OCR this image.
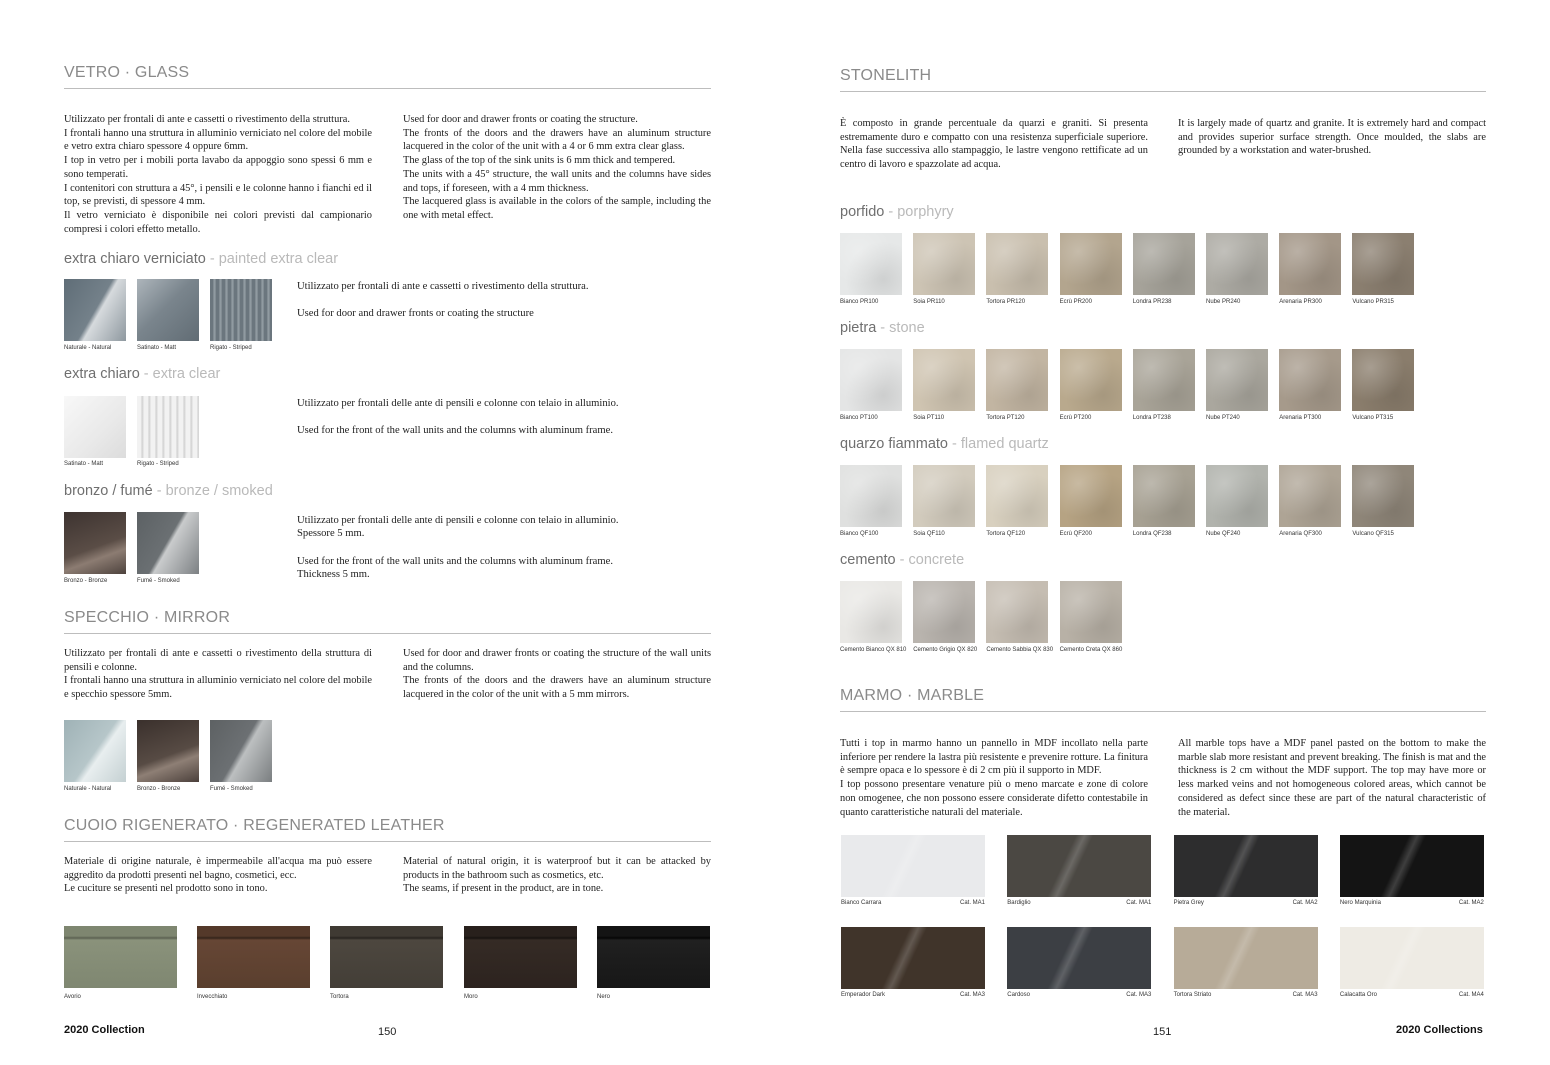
VETRO · GLASS
Utilizzato per frontali di ante e cassetti o rivestimento della struttura.
I frontali hanno una struttura in alluminio verniciato nel colore del mobile e vetro extra chiaro spessore 4 oppure 6mm.
I top in vetro per i mobili porta lavabo da appoggio sono spessi 6 mm e sono temperati.
I contenitori con struttura a 45°, i pensili e le colonne hanno i fianchi ed il top, se previsti, di spessore 4 mm.
Il vetro verniciato è disponibile nei colori previsti dal campionario compresi i colori effetto metallo.
Used for door and drawer fronts or coating the structure.
The fronts of the doors and the drawers have an aluminum structure lacquered in the color of the unit with a 4 or 6 mm extra clear glass.
The glass of the top of the sink units is 6 mm thick and tempered.
The units with a 45° structure, the wall units and the columns have sides and tops, if foreseen, with a 4 mm thickness.
The lacquered glass is available in the colors of the sample, including the one with metal effect.
extra chiaro verniciato - painted extra clear
Naturale - Natural	Satinato - Matt	Rigato - Striped
Utilizzato per frontali di ante e cassetti o rivestimento della struttura.
Used for door and drawer fronts or coating the structure
extra chiaro - extra clear
Satinato - Matt	Rigato - Striped
Utilizzato per frontali delle ante di pensili e colonne con telaio in alluminio.
Used for the front of the wall units and the columns with aluminum frame.
bronzo / fumé - bronze / smoked
Bronzo - Bronze	Fumé - Smoked
Utilizzato per frontali delle ante di pensili e colonne con telaio in alluminio.
Spessore 5 mm.
Used for the front of the wall units and the columns with aluminum frame.
Thickness 5 mm.
SPECCHIO · MIRROR
Utilizzato per frontali di ante e cassetti o rivestimento della struttura di pensili e colonne.
I frontali hanno una struttura in alluminio verniciato nel colore del mobile e specchio spessore 5mm.
Used for door and drawer fronts or coating the structure of the wall units and the columns.
The fronts of the doors and the drawers have an aluminum structure lacquered in the color of the unit with a 5 mm mirrors.
Naturale - Natural	Bronzo - Bronze	Fumé - Smoked
CUOIO RIGENERATO · REGENERATED LEATHER
Materiale di origine naturale, è impermeabile all'acqua ma può essere aggredito da prodotti presenti nel bagno, cosmetici, ecc.
Le cuciture se presenti nel prodotto sono in tono.
Material of natural origin, it is waterproof but it can be attacked by products in the bathroom such as cosmetics, etc.
The seams, if present in the product, are in tone.
Avorio	Invecchiato	Tortora	Moro	Nero
2020 Collection	150
STONELITH
È composto in grande percentuale da quarzi e graniti. Si presenta estremamente duro e compatto con una resistenza superficiale superiore. Nella fase successiva allo stampaggio, le lastre vengono rettificate ad un centro di lavoro e spazzolate ad acqua.
It is largely made of quartz and granite. It is extremely hard and compact and provides superior surface strength. Once moulded, the slabs are grounded by a workstation and water-brushed.
porfido - porphyry
Bianco PR100	Soia PR110	Tortora PR120	Ecrù PR200	Londra PR238	Nube PR240	Arenaria PR300	Vulcano PR315
pietra - stone
Bianco PT100	Soia PT110	Tortora PT120	Ecrù PT200	Londra PT238	Nube PT240	Arenaria PT300	Vulcano PT315
quarzo fiammato - flamed quartz
Bianco QF100	Soia QF110	Tortora QF120	Ecrù QF200	Londra QF238	Nube QF240	Arenaria QF300	Vulcano QF315
cemento - concrete
Cemento Bianco QX 810 Cemento Grigio QX 820 Cemento Sabbia QX 830 Cemento Creta QX 860
MARMO · MARBLE
Tutti i top in marmo hanno un pannello in MDF incollato nella parte inferiore per rendere la lastra più resistente e prevenire rotture. La finitura è sempre opaca e lo spessore è di 2 cm più il supporto in MDF.
I top possono presentare venature più o meno marcate e zone di colore non omogenee, che non possono essere considerate difetto contestabile in quanto caratteristiche naturali del materiale.
All marble tops have a MDF panel pasted on the bottom to make the marble slab more resistant and prevent breaking. The finish is mat and the thickness is 2 cm without the MDF support. The top may have more or less marked veins and not homogeneous colored areas, which cannot be considered as defect since these are part of the natural characteristic of the material.
Bianco Carrara	Cat. MA1	Bardiglio	Cat. MA1	Pietra Grey	Cat. MA2	Nero Marquinia	Cat. MA2
Emperador Dark	Cat. MA3	Cardoso	Cat. MA3	Tortora Striato	Cat. MA3	Calacatta Oro	Cat. MA4
151	2020 Collections
